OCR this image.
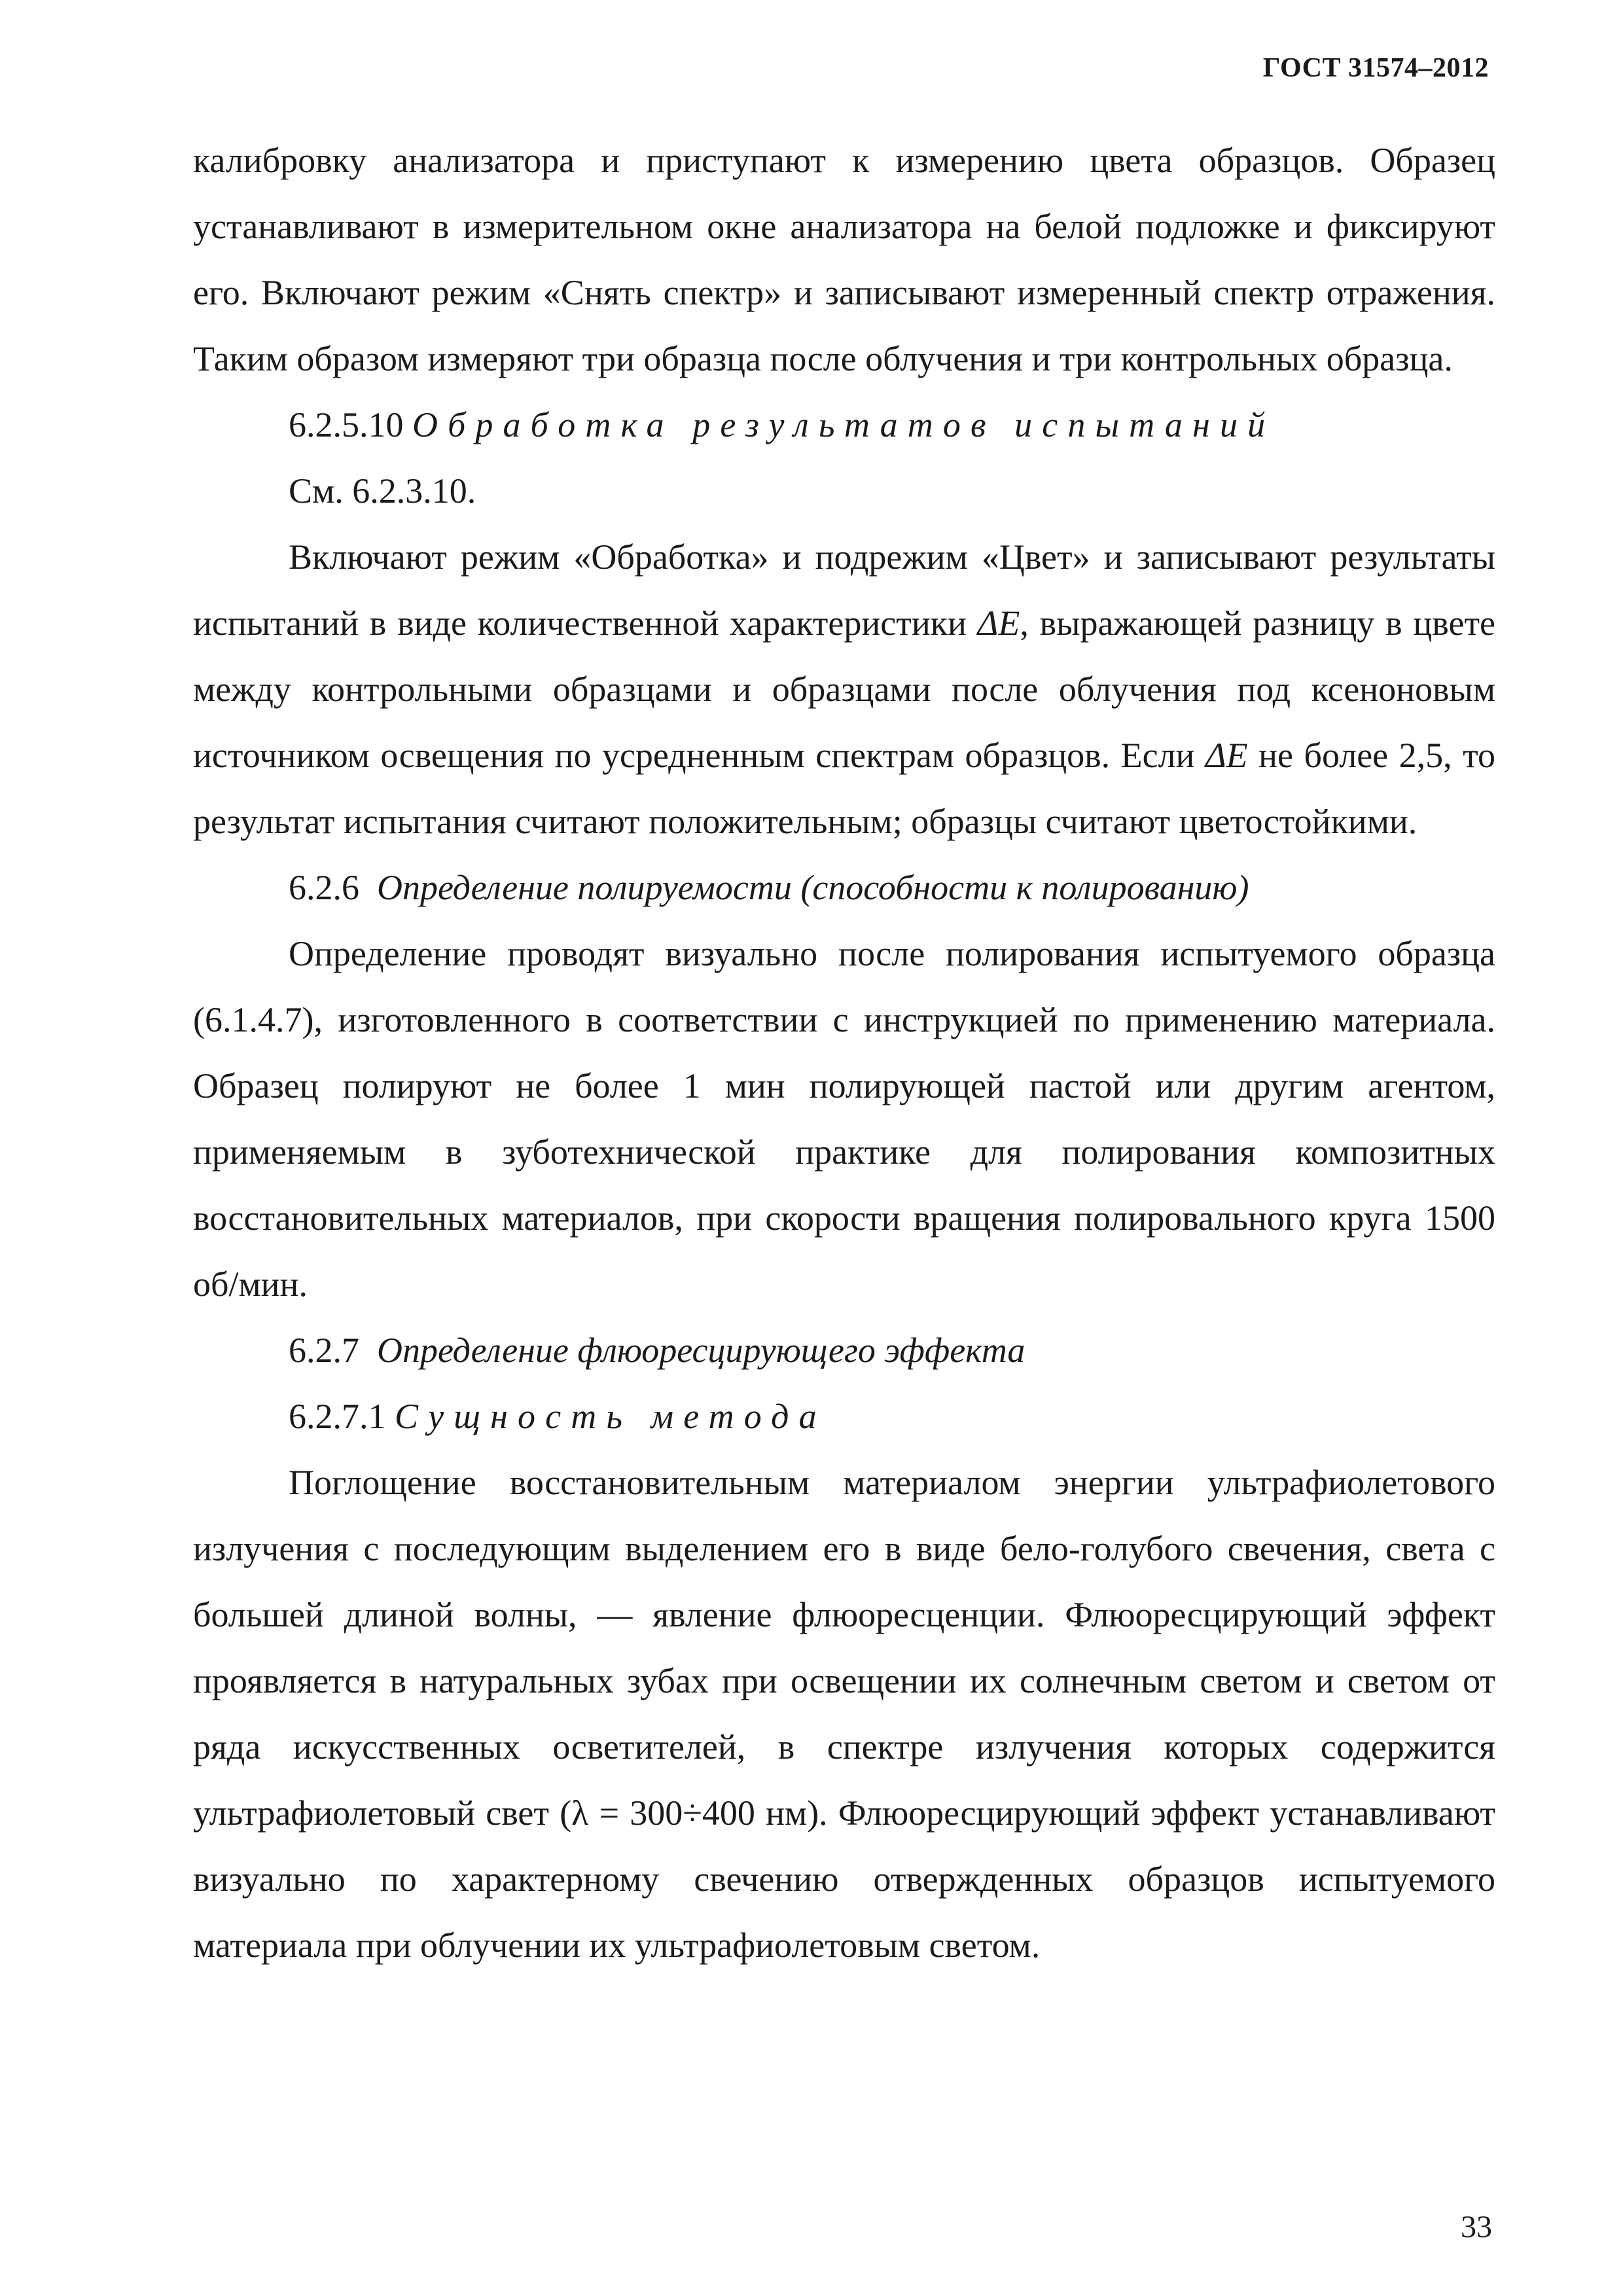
ГОСТ 31574–2012

калибровку анализатора и приступают к измерению цвета образцов. Образец устанавливают в измерительном окне анализатора на белой подложке и фиксируют его. Включают режим «Снять спектр» и записывают измеренный спектр отражения. Таким образом измеряют три образца после облучения и три контрольных образца.

6.2.5.10 Обработка результатов испытаний

См. 6.2.3.10.

Включают режим «Обработка» и подрежим «Цвет» и записывают результаты испытаний в виде количественной характеристики ΔE, выражающей разницу в цвете между контрольными образцами и образцами после облучения под ксеноновым источником освещения по усредненным спектрам образцов. Если ΔE не более 2,5, то результат испытания считают положительным; образцы считают цветостойкими.

6.2.6 Определение полируемости (способности к полированию)

Определение проводят визуально после полирования испытуемого образца (6.1.4.7), изготовленного в соответствии с инструкцией по применению материала. Образец полируют не более 1 мин полирующей пастой или другим агентом, применяемым в зуботехнической практике для полирования композитных восстановительных материалов, при скорости вращения полировального круга 1500 об/мин.

6.2.7 Определение флюоресцирующего эффекта

6.2.7.1 Сущность метода

Поглощение восстановительным материалом энергии ультрафиолетового излучения с последующим выделением его в виде бело-голубого свечения, света с большей длиной волны, — явление флюоресценции. Флюоресцирующий эффект проявляется в натуральных зубах при освещении их солнечным светом и светом от ряда искусственных осветителей, в спектре излучения которых содержится ультрафиолетовый свет (λ = 300÷400 нм). Флюоресцирующий эффект устанавливают визуально по характерному свечению отвержденных образцов испытуемого материала при облучении их ультрафиолетовым светом.

33
